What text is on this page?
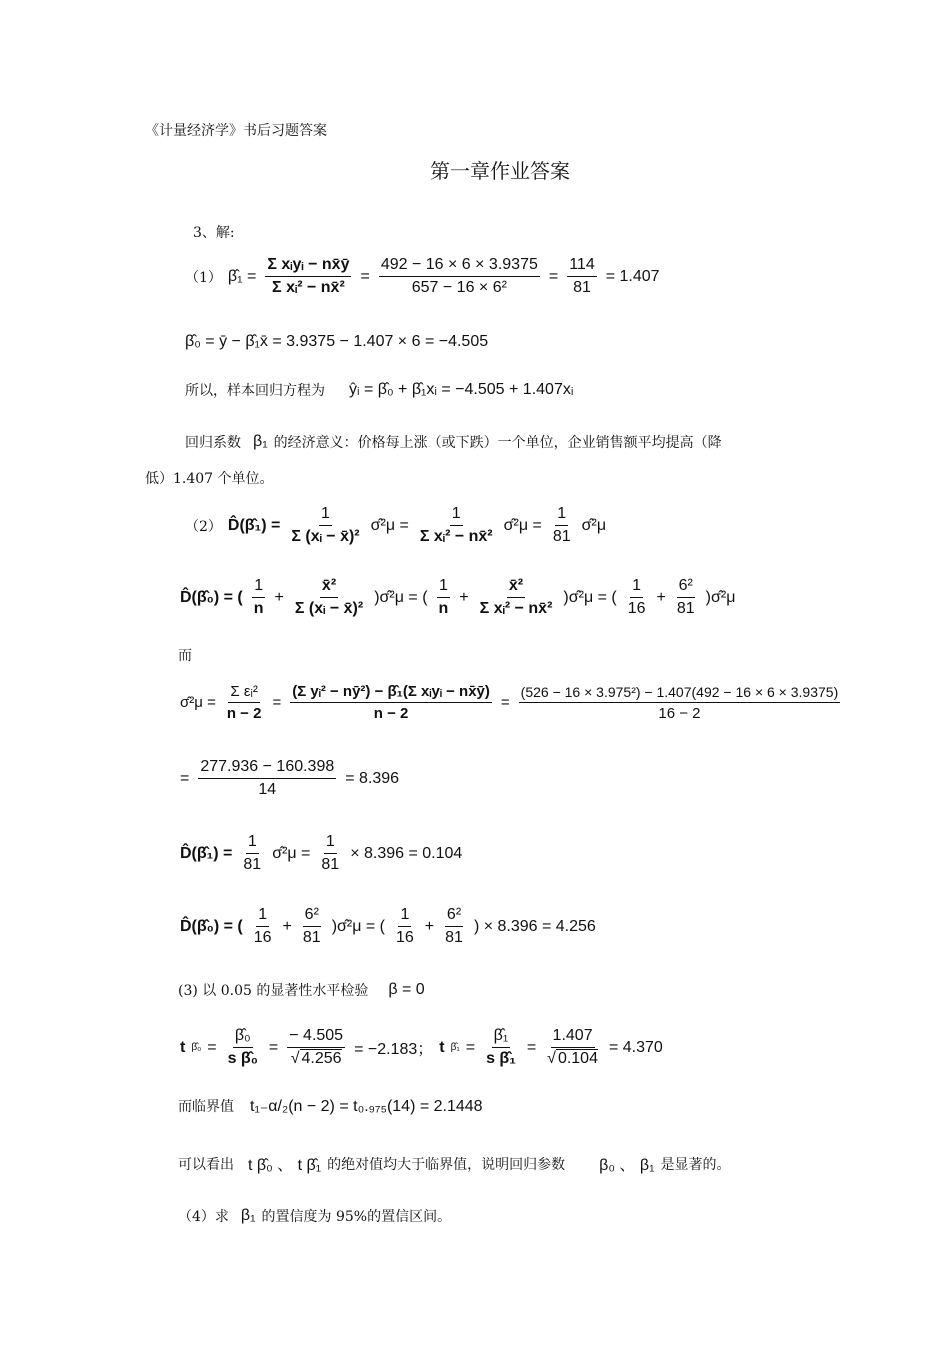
《计量经济学》书后习题答案
第一章作业答案
3、解:
（1） β̂₁ = $\frac{\text{Σ xᵢyᵢ − nx̄ȳ}}{\text{Σ xᵢ² − nx̄²}} = \frac{492 - 16 \times 6 \times 3.9375}{\text{657 − 16 × 6²}} = \frac{114}{81} = 1.407$
β̂₀ = ȳ − β̂₁x̄ = 3.9375 − 1.407 × 6 = −4.505
所以，样本回归方程为 ŷᵢ = β̂₀ + β̂₁xᵢ = −4.505 + 1.407xᵢ
回归系数 β₁ 的经济意义：价格每上涨（或下跌）一个单位，企业销售额平均提高（降
低）1.407 个单位。
（2） D̂(β̂₁) = $\frac{1}{\text{Σ (xᵢ − x̄)²}}$ σ̂²μ = $\frac{1}{\text{Σ xᵢ² − nx̄²}}$ σ̂²μ = $\frac{1}{81}$ σ̂²μ
D̂(β̂₀) = ( $\frac{1}{n} + \frac{\text{x̄²}}{\text{Σ (xᵢ − x̄)²}}$ )σ̂²μ = ( $\frac{1}{n} + \frac{\text{x̄²}}{\text{Σ xᵢ² − nx̄²}}$ )σ̂²μ = ( $\frac{1}{16} + \frac{\text{6²}}{81}$ )σ̂²μ
而
σ̂²μ = $\frac{\text{Σ εᵢ²}}{n - 2} = \frac{\text{(Σ yᵢ² − nȳ²) − β̂₁(Σ xᵢyᵢ − nx̄ȳ)}}{n - 2} = \frac{\text{(526 − 16 × 3.975²) − 1.407(492 − 16 × 6 × 3.9375)}}{16 - 2}$
= $\frac{277.936 - 160.398}{14} = 8.396$
D̂(β̂₁) = $\frac{1}{81}$ σ̂²μ = $\frac{1}{81} \times 8.396 = 0.104$
D̂(β̂₀) = ( $\frac{1}{16} + \frac{\text{6²}}{81}$ )σ̂²μ = ( $\frac{1}{16} + \frac{\text{6²}}{81}$ ) × 8.396 = 4.256
(3) 以 0.05 的显著性水平检验 β = 0
t β̂₀ = $\frac{\text{β̂₀}}{\text{s β̂₀}} = \frac{- 4.505}{√ 4.256} = -2.183$； t β̂₁ = $\frac{\text{β̂₁}}{\text{s β̂₁}} = \frac{1.407}{√ 0.104} = 4.370$
而临界值 t₁₋α/₂(n − 2) = t₀.₉₇₅(14) = 2.1448
可以看出 t β̂₀ 、 t β̂₁ 的绝对值均大于临界值，说明回归参数 β₀ 、 β₁ 是显著的。
（4）求 β₁ 的置信度为 95%的置信区间。
